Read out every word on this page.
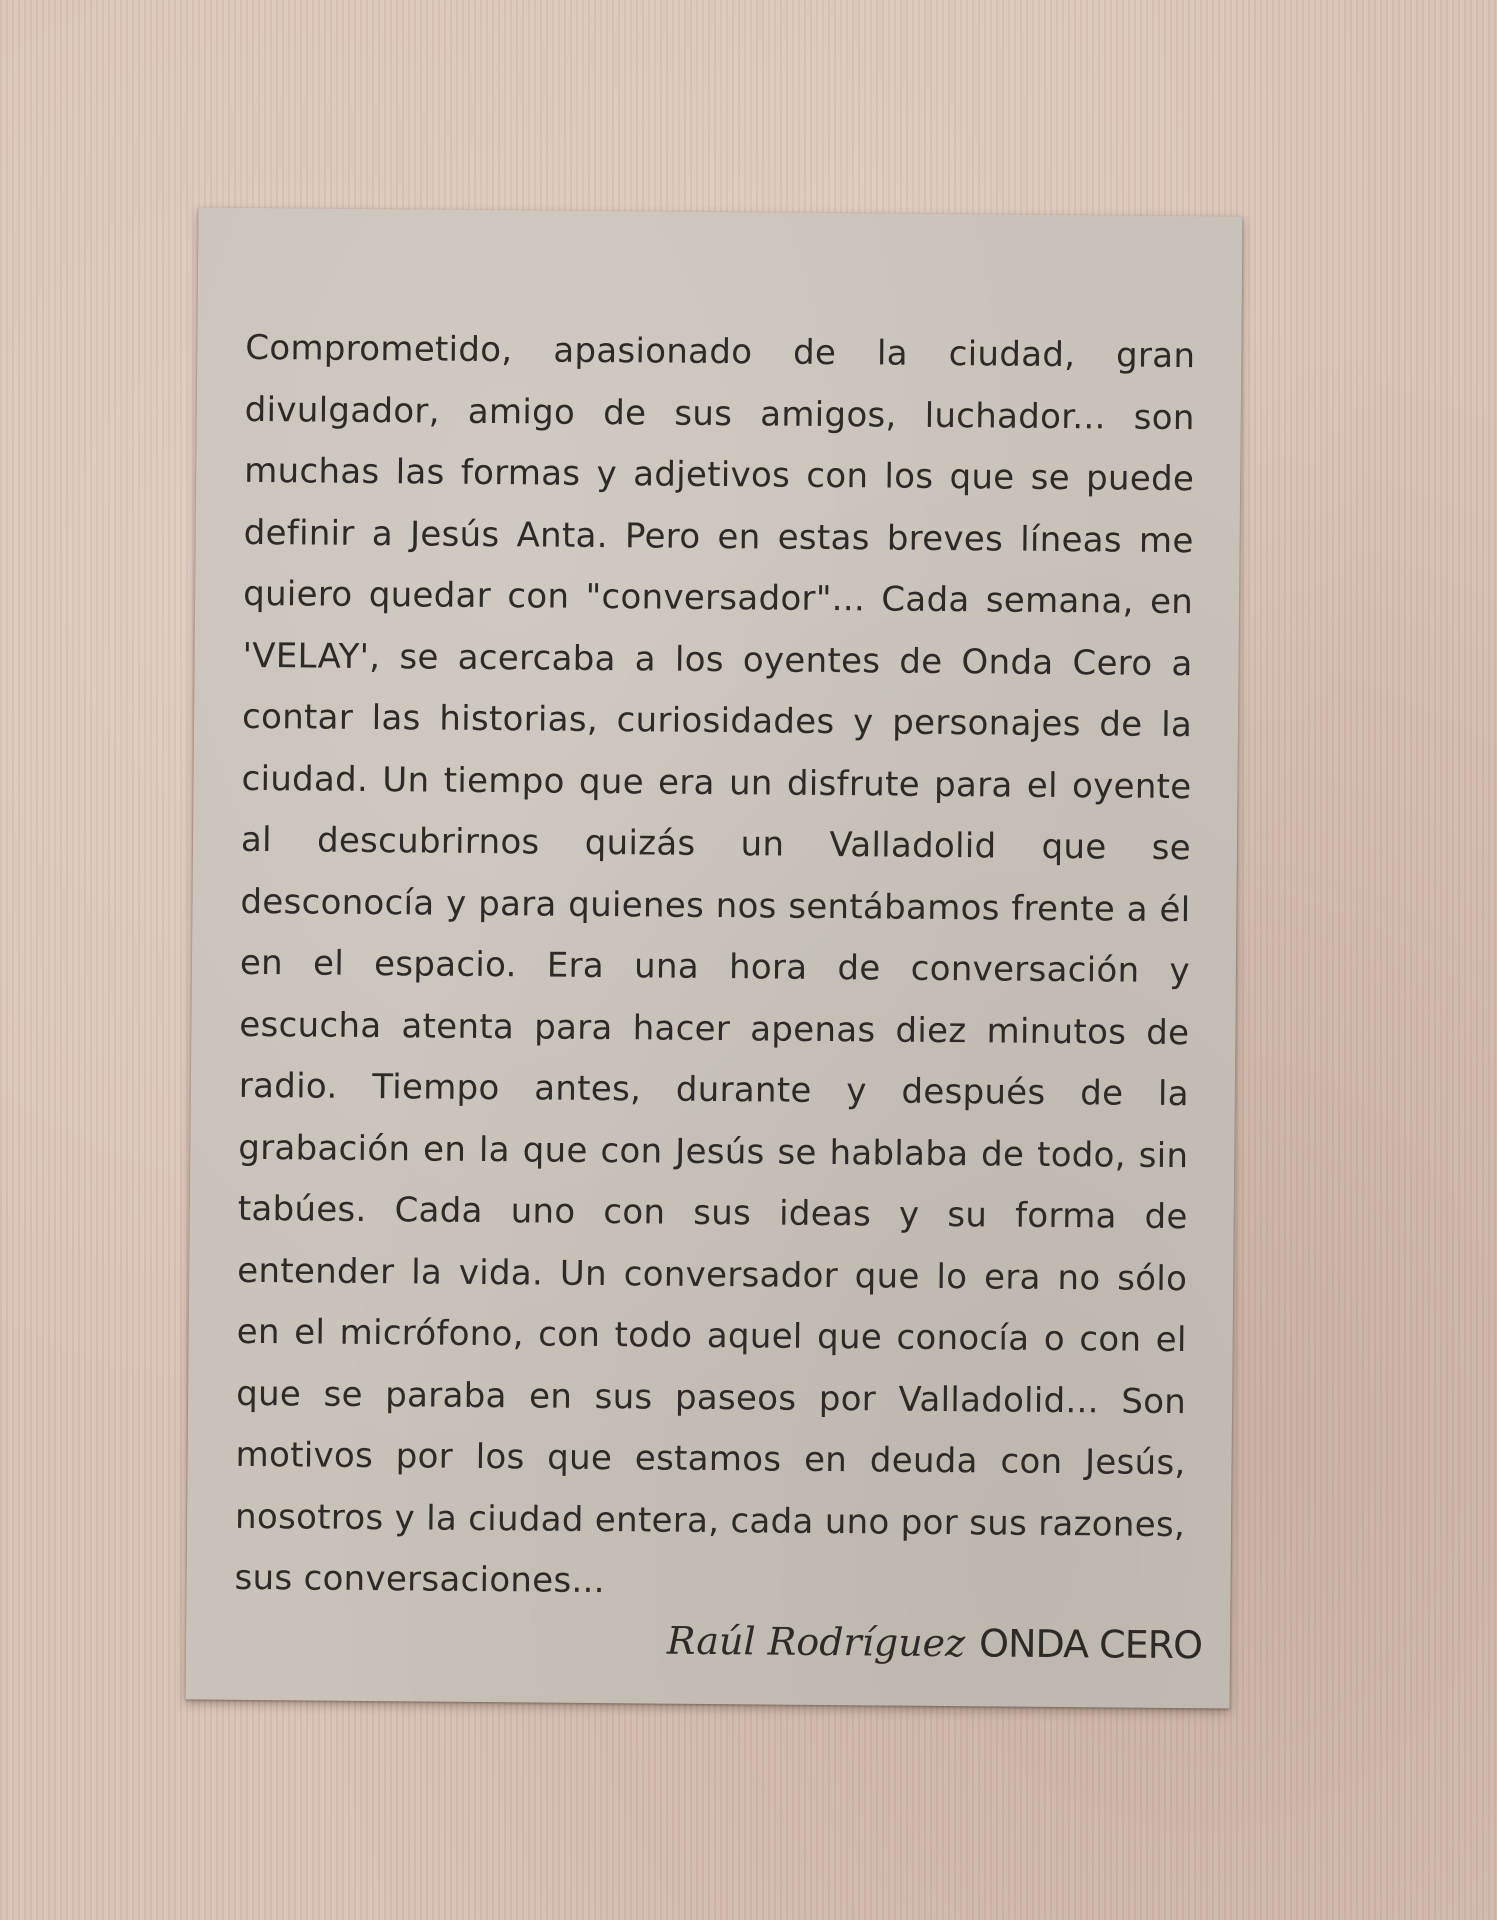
Comprometido, apasionado de la ciudad, gran divulgador, amigo de sus amigos, luchador... son muchas las formas y adjetivos con los que se puede definir a Jesús Anta. Pero en estas breves líneas me quiero quedar con "conversador"... Cada semana, en 'VELAY', se acercaba a los oyentes de Onda Cero a contar las historias, curiosidades y personajes de la ciudad. Un tiempo que era un disfrute para el oyente al descubrirnos quizás un Valladolid que se desconocía y para quienes nos sentábamos frente a él en el espacio. Era una hora de conversación y escucha atenta para hacer apenas diez minutos de radio. Tiempo antes, durante y después de la grabación en la que con Jesús se hablaba de todo, sin tabúes. Cada uno con sus ideas y su forma de entender la vida. Un conversador que lo era no sólo en el micrófono, con todo aquel que conocía o con el que se paraba en sus paseos por Valladolid... Son motivos por los que estamos en deuda con Jesús, nosotros y la ciudad entera, cada uno por sus razones, sus conversaciones...

Raúl Rodríguez ONDA CERO
